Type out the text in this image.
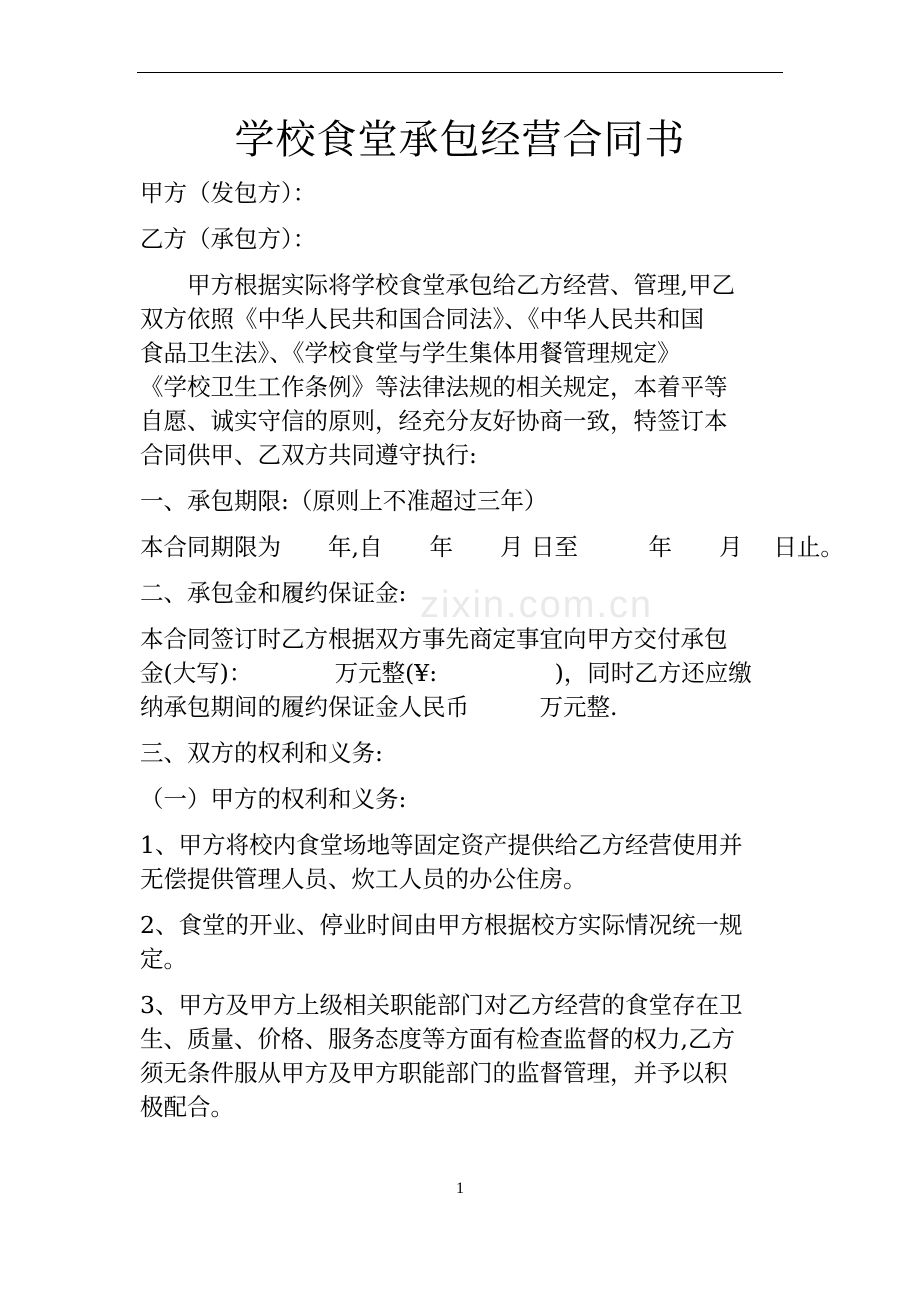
zixin.com.cn
学校食堂承包经营合同书
甲方（发包方）：
乙方（承包方）：
　　甲方根据实际将学校食堂承包给乙方经营、管理,甲乙
双方依照《中华人民共和国合同法》、《中华人民共和国
食品卫生法》、《学校食堂与学生集体用餐管理规定》
《学校卫生工作条例》等法律法规的相关规定，本着平等
自愿、诚实守信的原则，经充分友好协商一致，特签订本
合同供甲、乙双方共同遵守执行:
一、承包期限:（原则上不准超过三年）
本合同期限为　　年,自　　年　　月 日至　　　年　　月　 日止。
二、承包金和履约保证金:
本合同签订时乙方根据双方事先商定事宜向甲方交付承包
金(大写)：　　　　万元整(¥:　　　　　)，同时乙方还应缴
纳承包期间的履约保证金人民币　　　万元整.
三、双方的权利和义务:
（一）甲方的权利和义务:
1、甲方将校内食堂场地等固定资产提供给乙方经营使用并
无偿提供管理人员、炊工人员的办公住房。
2、食堂的开业、停业时间由甲方根据校方实际情况统一规
定。
3、甲方及甲方上级相关职能部门对乙方经营的食堂存在卫
生、质量、价格、服务态度等方面有检查监督的权力,乙方
须无条件服从甲方及甲方职能部门的监督管理，并予以积
极配合。
1
